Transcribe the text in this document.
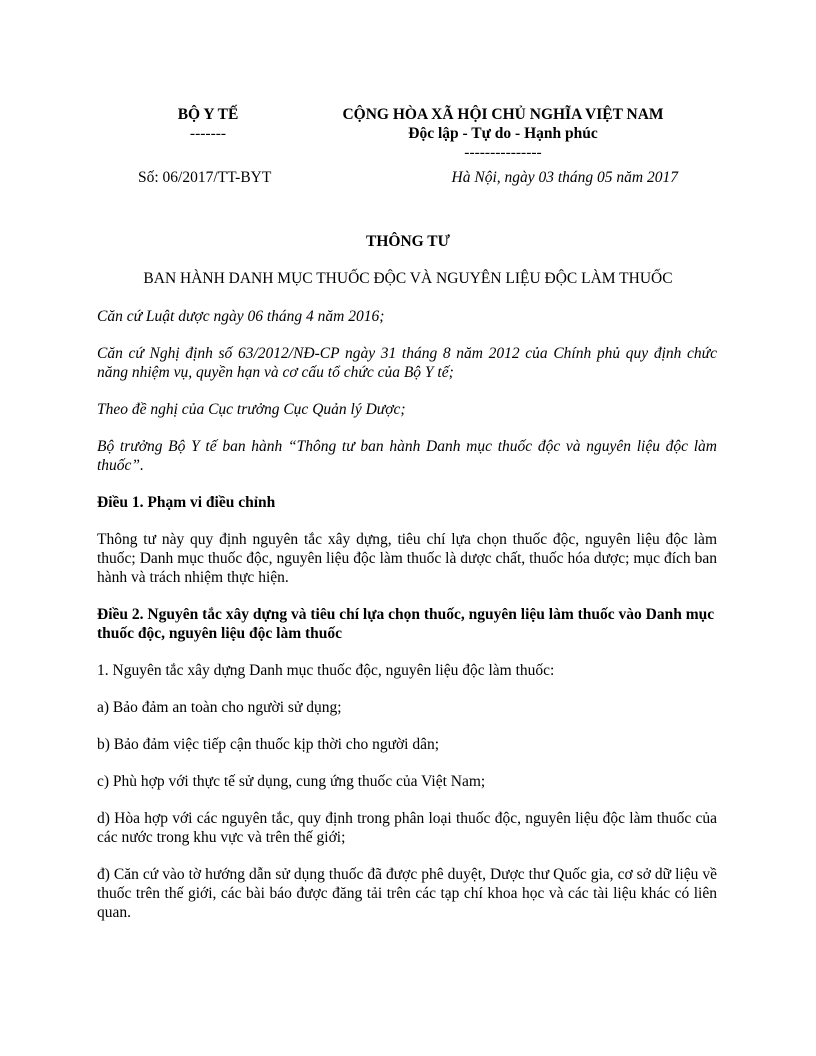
BỘ Y TẾ
-------
CỘNG HÒA XÃ HỘI CHỦ NGHĨA VIỆT NAM
Độc lập - Tự do - Hạnh phúc
---------------
Số: 06/2017/TT-BYT	Hà Nội, ngày 03 tháng 05 năm 2017
THÔNG TƯ
BAN HÀNH DANH MỤC THUỐC ĐỘC VÀ NGUYÊN LIỆU ĐỘC LÀM THUỐC

Căn cứ Luật dược ngày 06 tháng 4 năm 2016;

Căn cứ Nghị định số 63/2012/NĐ-CP ngày 31 tháng 8 năm 2012 của Chính phủ quy định chức năng nhiệm vụ, quyền hạn và cơ cấu tổ chức của Bộ Y tế;

Theo đề nghị của Cục trưởng Cục Quản lý Dược;

Bộ trưởng Bộ Y tế ban hành “Thông tư ban hành Danh mục thuốc độc và nguyên liệu độc làm thuốc”.

Điều 1. Phạm vi điều chỉnh

Thông tư này quy định nguyên tắc xây dựng, tiêu chí lựa chọn thuốc độc, nguyên liệu độc làm thuốc; Danh mục thuốc độc, nguyên liệu độc làm thuốc là dược chất, thuốc hóa dược; mục đích ban hành và trách nhiệm thực hiện.

Điều 2. Nguyên tắc xây dựng và tiêu chí lựa chọn thuốc, nguyên liệu làm thuốc vào Danh mục thuốc độc, nguyên liệu độc làm thuốc

1. Nguyên tắc xây dựng Danh mục thuốc độc, nguyên liệu độc làm thuốc:

a) Bảo đảm an toàn cho người sử dụng;

b) Bảo đảm việc tiếp cận thuốc kịp thời cho người dân;

c) Phù hợp với thực tế sử dụng, cung ứng thuốc của Việt Nam;

d) Hòa hợp với các nguyên tắc, quy định trong phân loại thuốc độc, nguyên liệu độc làm thuốc của các nước trong khu vực và trên thế giới;

đ) Căn cứ vào tờ hướng dẫn sử dụng thuốc đã được phê duyệt, Dược thư Quốc gia, cơ sở dữ liệu về thuốc trên thế giới, các bài báo được đăng tải trên các tạp chí khoa học và các tài liệu khác có liên quan.
